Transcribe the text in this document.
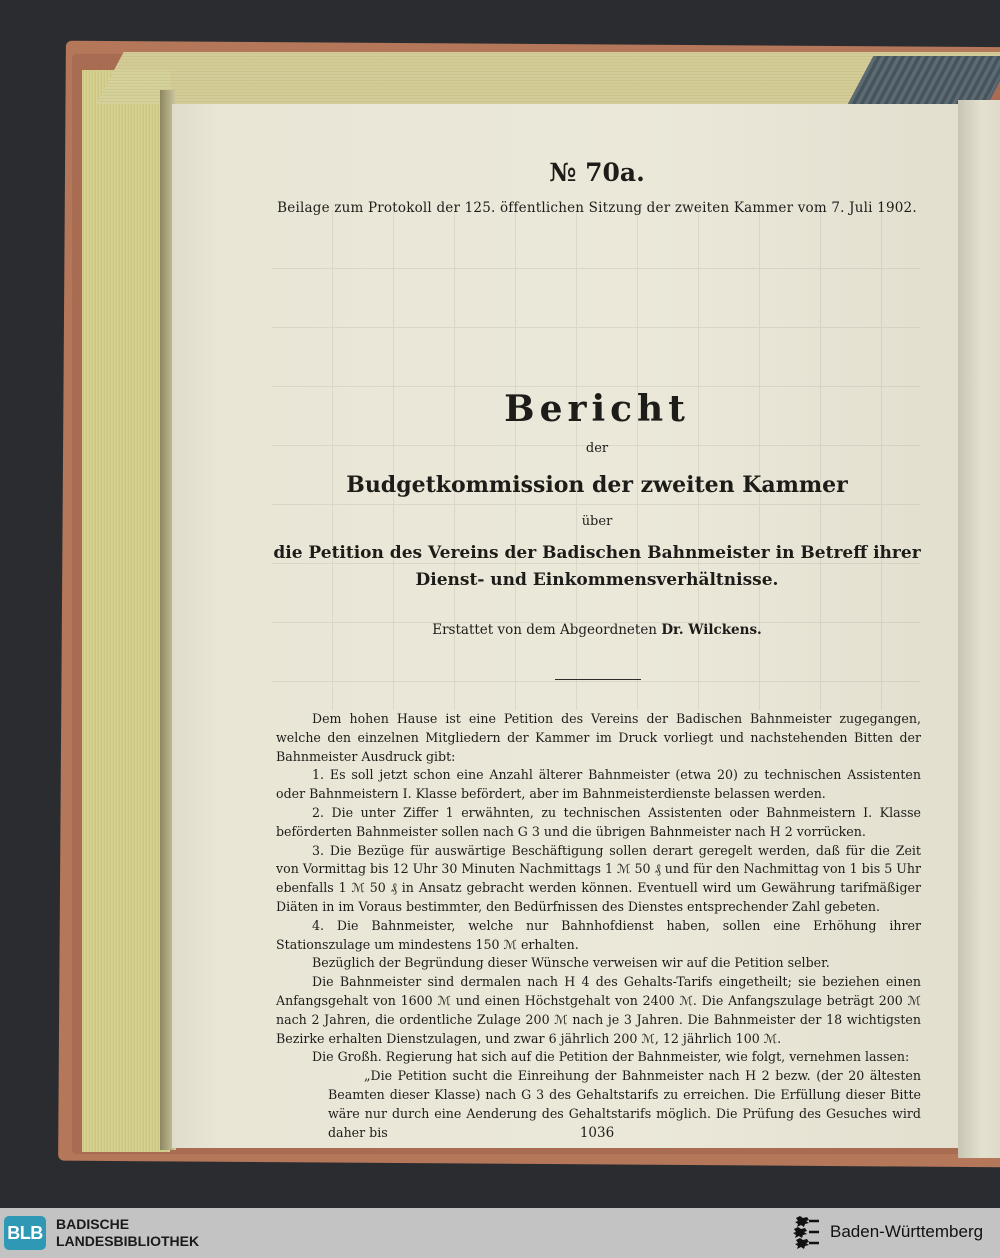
№ 70a.
Beilage zum Protokoll der 125. öffentlichen Sitzung der zweiten Kammer vom 7. Juli 1902.
Bericht
der
Budgetkommission der zweiten Kammer
über
die Petition des Vereins der Badischen Bahnmeister in Betreff ihrer
Dienst- und Einkommensverhältnisse.
Erstattet von dem Abgeordneten Dr. Wilckens.

Dem hohen Hause ist eine Petition des Vereins der Badischen Bahnmeister zugegangen, welche den einzelnen Mitgliedern der Kammer im Druck vorliegt und nachstehenden Bitten der Bahnmeister Ausdruck gibt:

1. Es soll jetzt schon eine Anzahl älterer Bahnmeister (etwa 20) zu technischen Assistenten oder Bahnmeistern I. Klasse befördert, aber im Bahnmeisterdienste belassen werden.

2. Die unter Ziffer 1 erwähnten, zu technischen Assistenten oder Bahnmeistern I. Klasse beförderten Bahnmeister sollen nach G 3 und die übrigen Bahnmeister nach H 2 vorrücken.

3. Die Bezüge für auswärtige Beschäftigung sollen derart geregelt werden, daß für die Zeit von Vormittag bis 12 Uhr 30 Minuten Nachmittags 1 ℳ 50 ₰ und für den Nachmittag von 1 bis 5 Uhr ebenfalls 1 ℳ 50 ₰ in Ansatz gebracht werden können. Eventuell wird um Gewährung tarifmäßiger Diäten in im Voraus bestimmter, den Bedürfnissen des Dienstes entsprechender Zahl gebeten.

4. Die Bahnmeister, welche nur Bahnhofdienst haben, sollen eine Erhöhung ihrer Stationszulage um mindestens 150 ℳ erhalten.

Bezüglich der Begründung dieser Wünsche verweisen wir auf die Petition selber.

Die Bahnmeister sind dermalen nach H 4 des Gehalts-Tarifs eingetheilt; sie beziehen einen Anfangsgehalt von 1600 ℳ und einen Höchstgehalt von 2400 ℳ. Die Anfangszulage beträgt 200 ℳ nach 2 Jahren, die ordentliche Zulage 200 ℳ nach je 3 Jahren. Die Bahnmeister der 18 wichtigsten Bezirke erhalten Dienstzulagen, und zwar 6 jährlich 200 ℳ, 12 jährlich 100 ℳ.

Die Großh. Regierung hat sich auf die Petition der Bahnmeister, wie folgt, vernehmen lassen:

„Die Petition sucht die Einreihung der Bahnmeister nach H 2 bezw. (der 20 ältesten Beamten dieser Klasse) nach G 3 des Gehaltstarifs zu erreichen. Die Erfüllung dieser Bitte wäre nur durch eine Aenderung des Gehaltstarifs möglich. Die Prüfung des Gesuches wird daher bis	1036
BLB BADISCHE
LANDESBIBLIOTHEK	Baden-Württemberg
